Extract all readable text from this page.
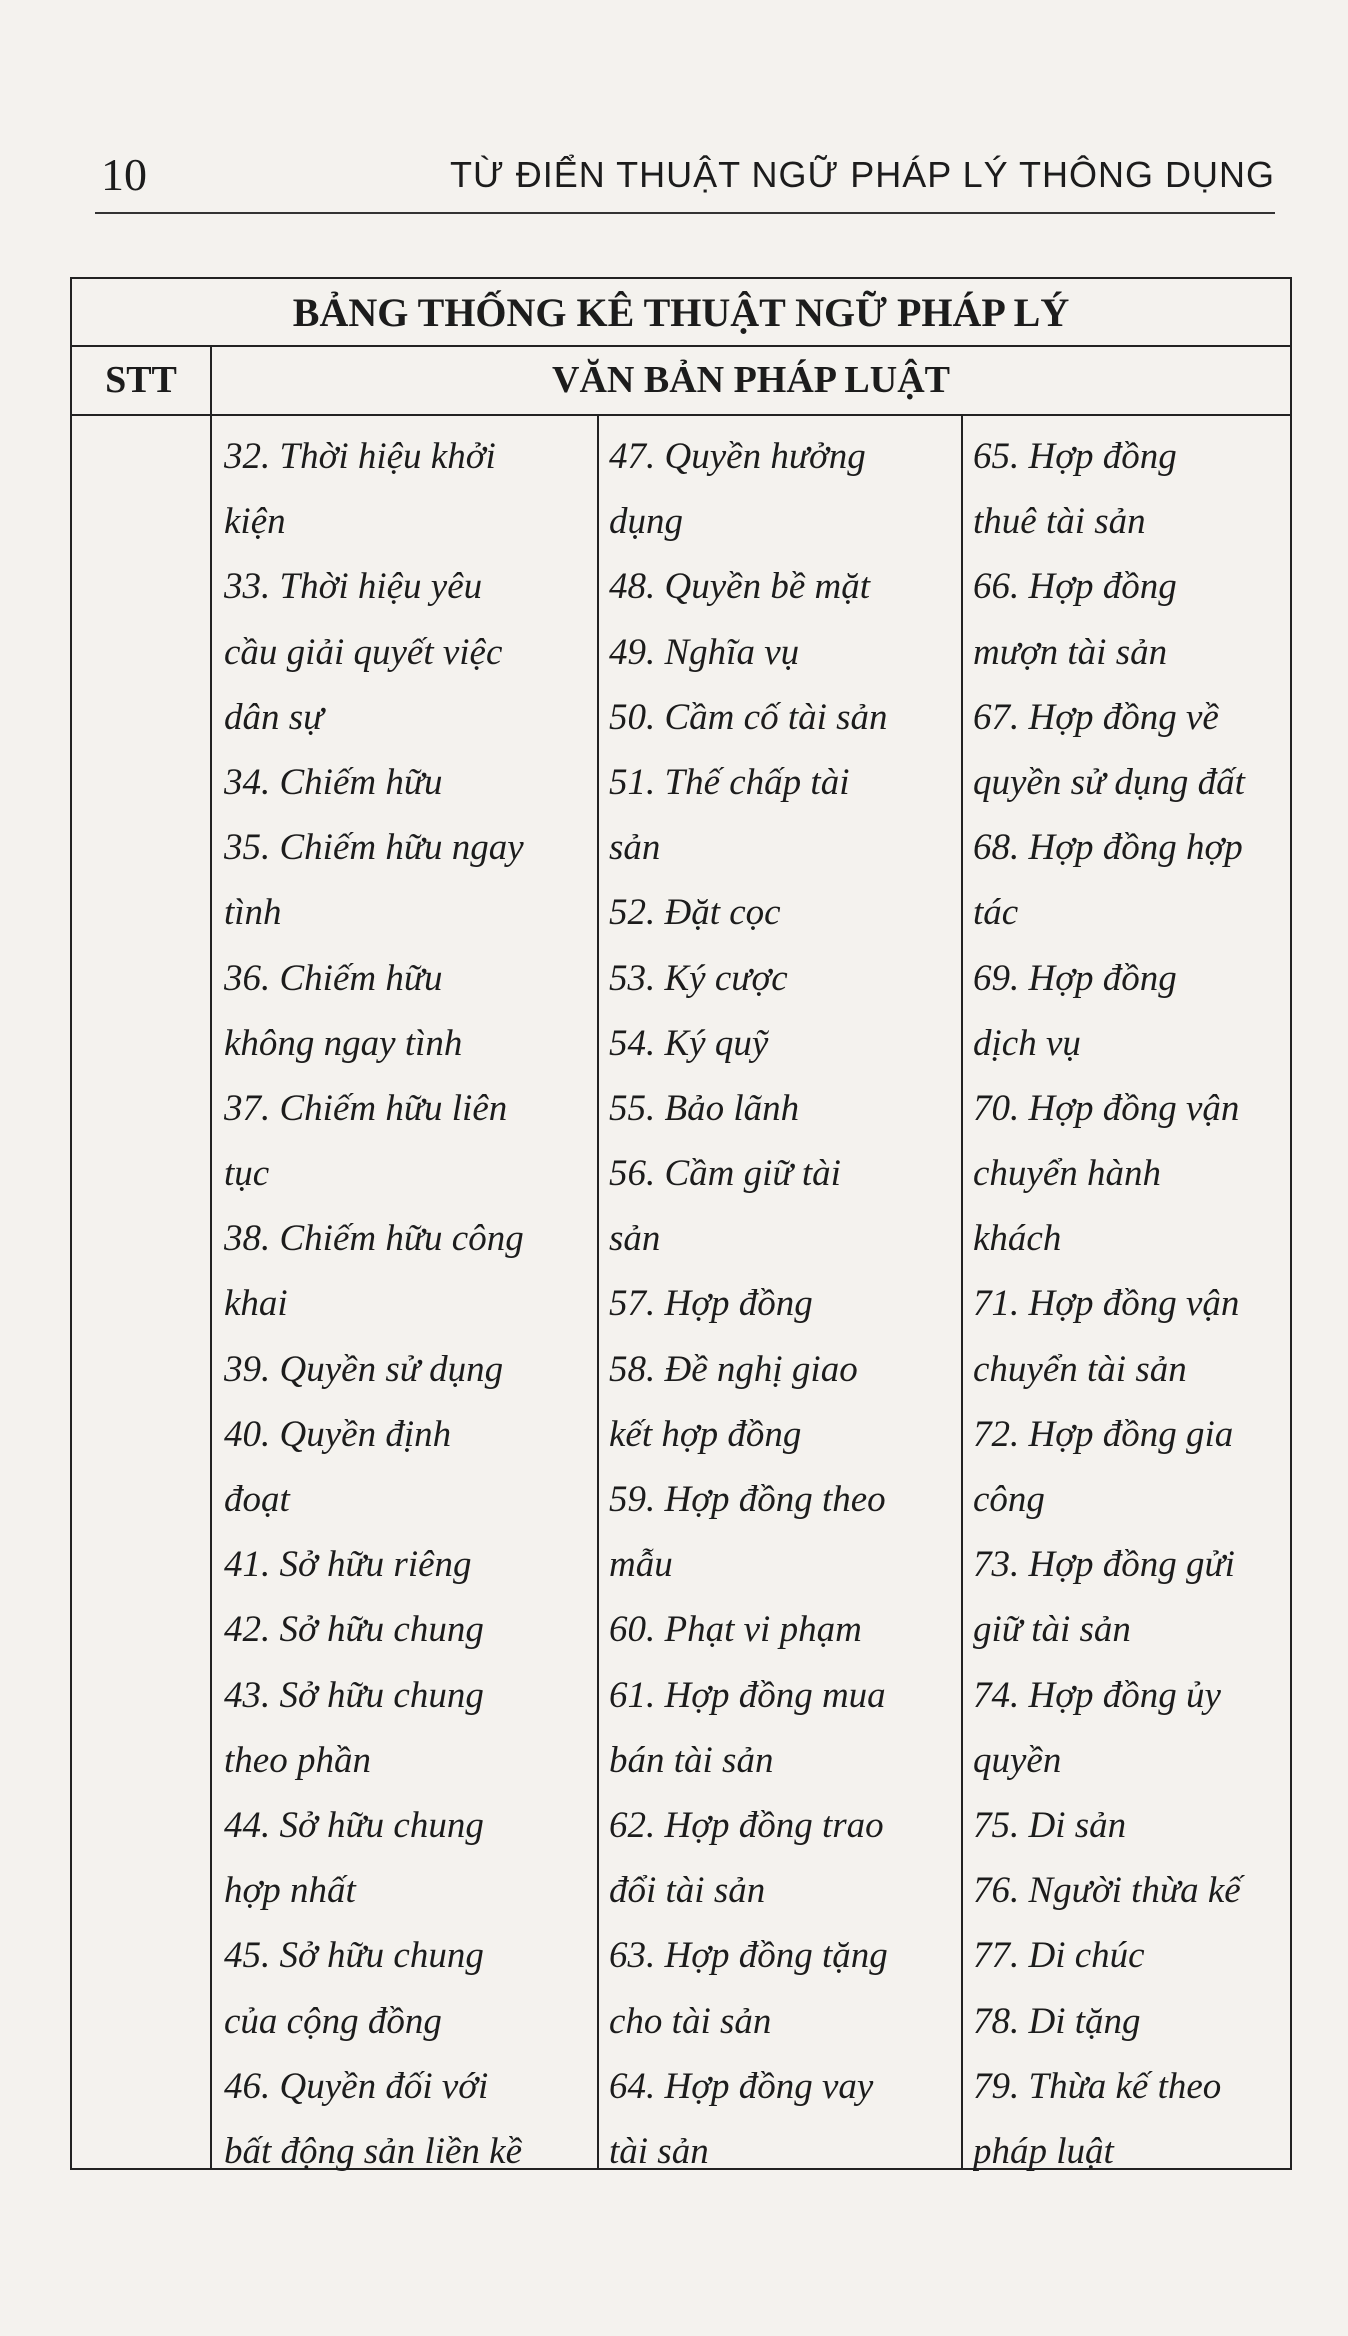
10	TỪ ĐIỂN THUẬT NGỮ PHÁP LÝ THÔNG DỤNG
BẢNG THỐNG KÊ THUẬT NGỮ PHÁP LÝ
STT	VĂN BẢN PHÁP LUẬT
32. Thời hiệu khởi
kiện
33. Thời hiệu yêu
cầu giải quyết việc
dân sự
34. Chiếm hữu
35. Chiếm hữu ngay
tình
36. Chiếm hữu
không ngay tình
37. Chiếm hữu liên
tục
38. Chiếm hữu công
khai
39. Quyền sử dụng
40. Quyền định
đoạt
41. Sở hữu riêng
42. Sở hữu chung
43. Sở hữu chung
theo phần
44. Sở hữu chung
hợp nhất
45. Sở hữu chung
của cộng đồng
46. Quyền đối với
bất động sản liền kề
47. Quyền hưởng
dụng
48. Quyền bề mặt
49. Nghĩa vụ
50. Cầm cố tài sản
51. Thế chấp tài
sản
52. Đặt cọc
53. Ký cược
54. Ký quỹ
55. Bảo lãnh
56. Cầm giữ tài
sản
57. Hợp đồng
58. Đề nghị giao
kết hợp đồng
59. Hợp đồng theo
mẫu
60. Phạt vi phạm
61. Hợp đồng mua
bán tài sản
62. Hợp đồng trao
đổi tài sản
63. Hợp đồng tặng
cho tài sản
64. Hợp đồng vay
tài sản
65. Hợp đồng
thuê tài sản
66. Hợp đồng
mượn tài sản
67. Hợp đồng về
quyền sử dụng đất
68. Hợp đồng hợp
tác
69. Hợp đồng
dịch vụ
70. Hợp đồng vận
chuyển hành
khách
71. Hợp đồng vận
chuyển tài sản
72. Hợp đồng gia
công
73. Hợp đồng gửi
giữ tài sản
74. Hợp đồng ủy
quyền
75. Di sản
76. Người thừa kế
77. Di chúc
78. Di tặng
79. Thừa kế theo
pháp luật
